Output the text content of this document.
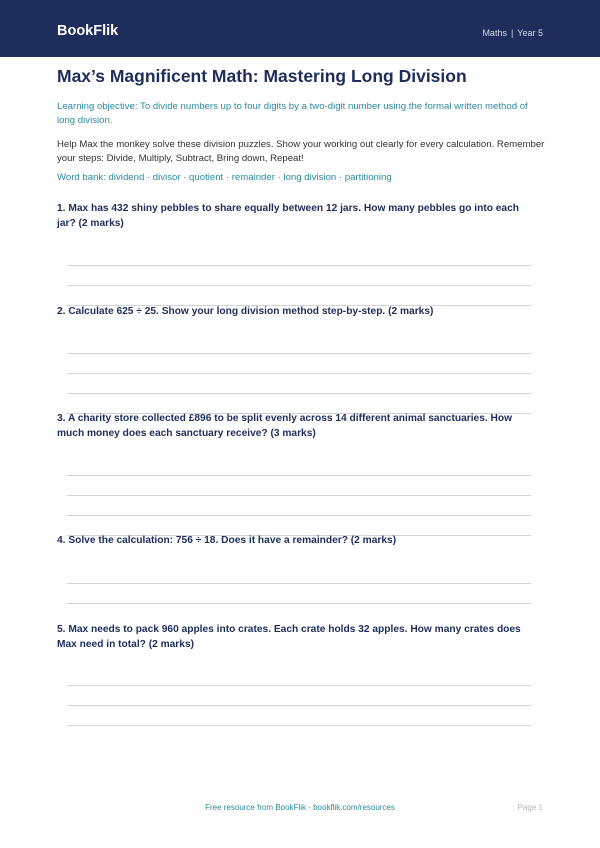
BookFlik	Maths | Year 5
Max’s Magnificent Math: Mastering Long Division

Learning objective: To divide numbers up to four digits by a two-digit number using the formal written method of long division.

Help Max the monkey solve these division puzzles. Show your working out clearly for every calculation. Remember your steps: Divide, Multiply, Subtract, Bring down, Repeat!

Word bank: dividend · divisor · quotient · remainder · long division · partitioning

1. Max has 432 shiny pebbles to share equally between 12 jars. How many pebbles go into each jar? (2 marks)

2. Calculate 625 ÷ 25. Show your long division method step-by-step. (2 marks)

3. A charity store collected £896 to be split evenly across 14 different animal sanctuaries. How much money does each sanctuary receive? (3 marks)

4. Solve the calculation: 756 ÷ 18. Does it have a remainder? (2 marks)

5. Max needs to pack 960 apples into crates. Each crate holds 32 apples. How many crates does Max need in total? (2 marks)

Free resource from BookFlik · bookflik.com/resources	Page 1
